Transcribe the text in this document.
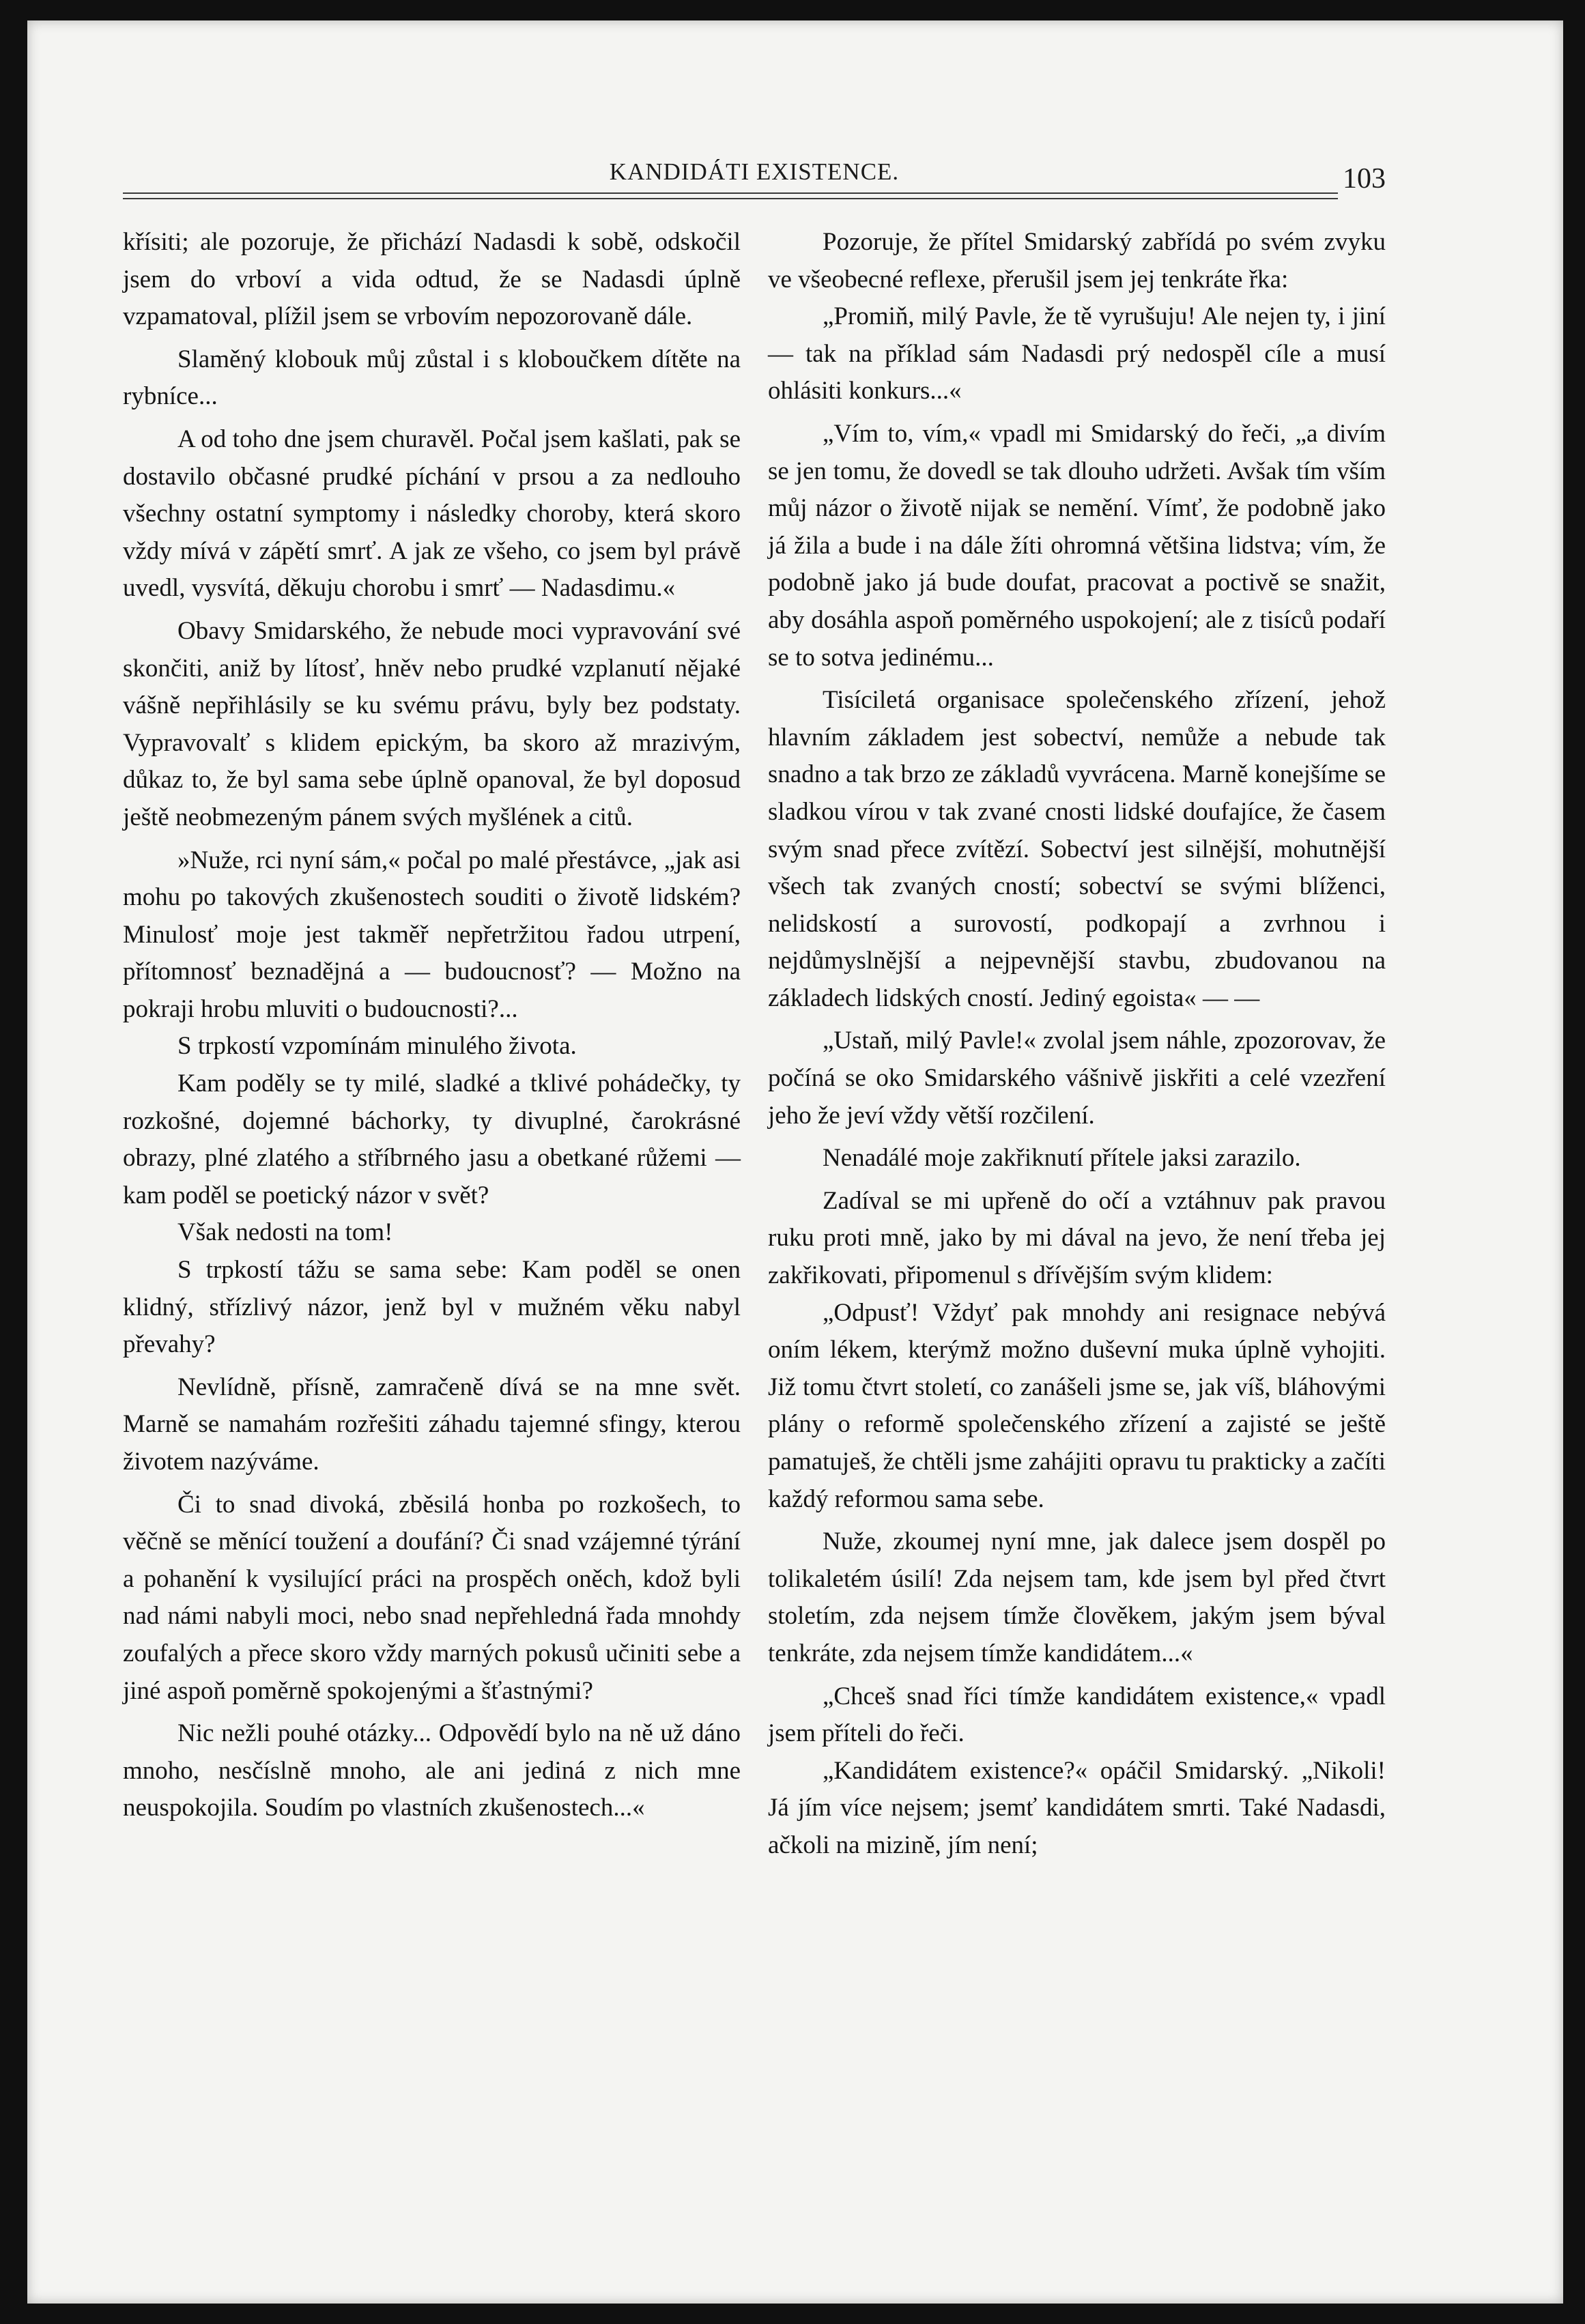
KANDIDÁTI EXISTENCE.	103

křísiti; ale pozoruje, že přichází Nadasdi k sobě, odskočil jsem do vrboví a vida odtud, že se Nadasdi úplně vzpamatoval, plížil jsem se vrbovím nepozorovaně dále.

Slaměný klobouk můj zůstal i s kloboučkem dítěte na rybníce...

A od toho dne jsem churavěl. Počal jsem kašlati, pak se dostavilo občasné prudké píchání v prsou a za nedlouho všechny ostatní symptomy i následky choroby, která skoro vždy mívá v zápětí smrť. A jak ze všeho, co jsem byl právě uvedl, vysvítá, děkuju chorobu i smrť — Nadasdimu.«

Obavy Smidarského, že nebude moci vypravování své skončiti, aniž by lítosť, hněv nebo prudké vzplanutí nějaké vášně nepřihlásily se ku svému právu, byly bez podstaty. Vypravovalť s klidem epickým, ba skoro až mrazivým, důkaz to, že byl sama sebe úplně opanoval, že byl doposud ještě neobmezeným pánem svých myšlének a citů.

»Nuže, rci nyní sám,« počal po malé přestávce, „jak asi mohu po takových zkušenostech souditi o životě lidském? Minulosť moje jest takměř nepřetržitou řadou utrpení, přítomnosť beznadějná a — budoucnosť? — Možno na pokraji hrobu mluviti o budoucnosti?...

S trpkostí vzpomínám minulého života.

Kam poděly se ty milé, sladké a tklivé pohádečky, ty rozkošné, dojemné báchorky, ty divuplné, čarokrásné obrazy, plné zlatého a stříbrného jasu a obetkané růžemi — kam poděl se poetický názor v svět?

Však nedosti na tom!

S trpkostí tážu se sama sebe: Kam poděl se onen klidný, střízlivý názor, jenž byl v mužném věku nabyl převahy?

Nevlídně, přísně, zamračeně dívá se na mne svět. Marně se namahám rozřešiti záhadu tajemné sfingy, kterou životem nazýváme.

Či to snad divoká, zběsilá honba po rozkošech, to věčně se měnící toužení a doufání? Či snad vzájemné týrání a pohanění k vysilující práci na prospěch oněch, kdož byli nad námi nabyli moci, nebo snad nepřehledná řada mnohdy zoufalých a přece skoro vždy marných pokusů učiniti sebe a jiné aspoň poměrně spokojenými a šťastnými?

Nic nežli pouhé otázky... Odpovědí bylo na ně už dáno mnoho, nesčíslně mnoho, ale ani jediná z nich mne neuspokojila. Soudím po vlastních zkušenostech...«

Pozoruje, že přítel Smidarský zabřídá po svém zvyku ve všeobecné reflexe, přerušil jsem jej tenkráte řka:

„Promiň, milý Pavle, že tě vyrušuju! Ale nejen ty, i jiní — tak na příklad sám Nadasdi prý nedospěl cíle a musí ohlásiti konkurs...«

„Vím to, vím,« vpadl mi Smidarský do řeči, „a divím se jen tomu, že dovedl se tak dlouho udržeti. Avšak tím vším můj názor o životě nijak se nemění. Vímť, že podobně jako já žila a bude i na dále žíti ohromná většina lidstva; vím, že podobně jako já bude doufat, pracovat a poctivě se snažit, aby dosáhla aspoň poměrného uspokojení; ale z tisíců podaří se to sotva jedinému...

Tisíciletá organisace společenského zřízení, jehož hlavním základem jest sobectví, nemůže a nebude tak snadno a tak brzo ze základů vyvrácena. Marně konejšíme se sladkou vírou v tak zvané cnosti lidské doufajíce, že časem svým snad přece zvítězí. Sobectví jest silnější, mohutnější všech tak zvaných cností; sobectví se svými blíženci, nelidskostí a surovostí, podkopají a zvrhnou i nejdůmyslnější a nejpevnější stavbu, zbudovanou na základech lidských cností. Jediný egoista« — —

„Ustaň, milý Pavle!« zvolal jsem náhle, zpozorovav, že počíná se oko Smidarského vášnivě jiskřiti a celé vzezření jeho že jeví vždy větší rozčilení.

Nenadálé moje zakřiknutí přítele jaksi zarazilo.

Zadíval se mi upřeně do očí a vztáhnuv pak pravou ruku proti mně, jako by mi dával na jevo, že není třeba jej zakřikovati, připomenul s dřívějším svým klidem:

„Odpusť! Vždyť pak mnohdy ani resignace nebývá oním lékem, kterýmž možno duševní muka úplně vyhojiti. Již tomu čtvrt století, co zanášeli jsme se, jak víš, bláhovými plány o reformě společenského zřízení a zajisté se ještě pamatuješ, že chtěli jsme zahájiti opravu tu prakticky a začíti každý reformou sama sebe.

Nuže, zkoumej nyní mne, jak dalece jsem dospěl po tolikaletém úsilí! Zda nejsem tam, kde jsem byl před čtvrt stoletím, zda nejsem tímže člověkem, jakým jsem býval tenkráte, zda nejsem tímže kandidátem...«

„Chceš snad říci tímže kandidátem existence,« vpadl jsem příteli do řeči.

„Kandidátem existence?« opáčil Smidarský. „Nikoli! Já jím více nejsem; jsemť kandidátem smrti. Také Nadasdi, ačkoli na mizině, jím není;
